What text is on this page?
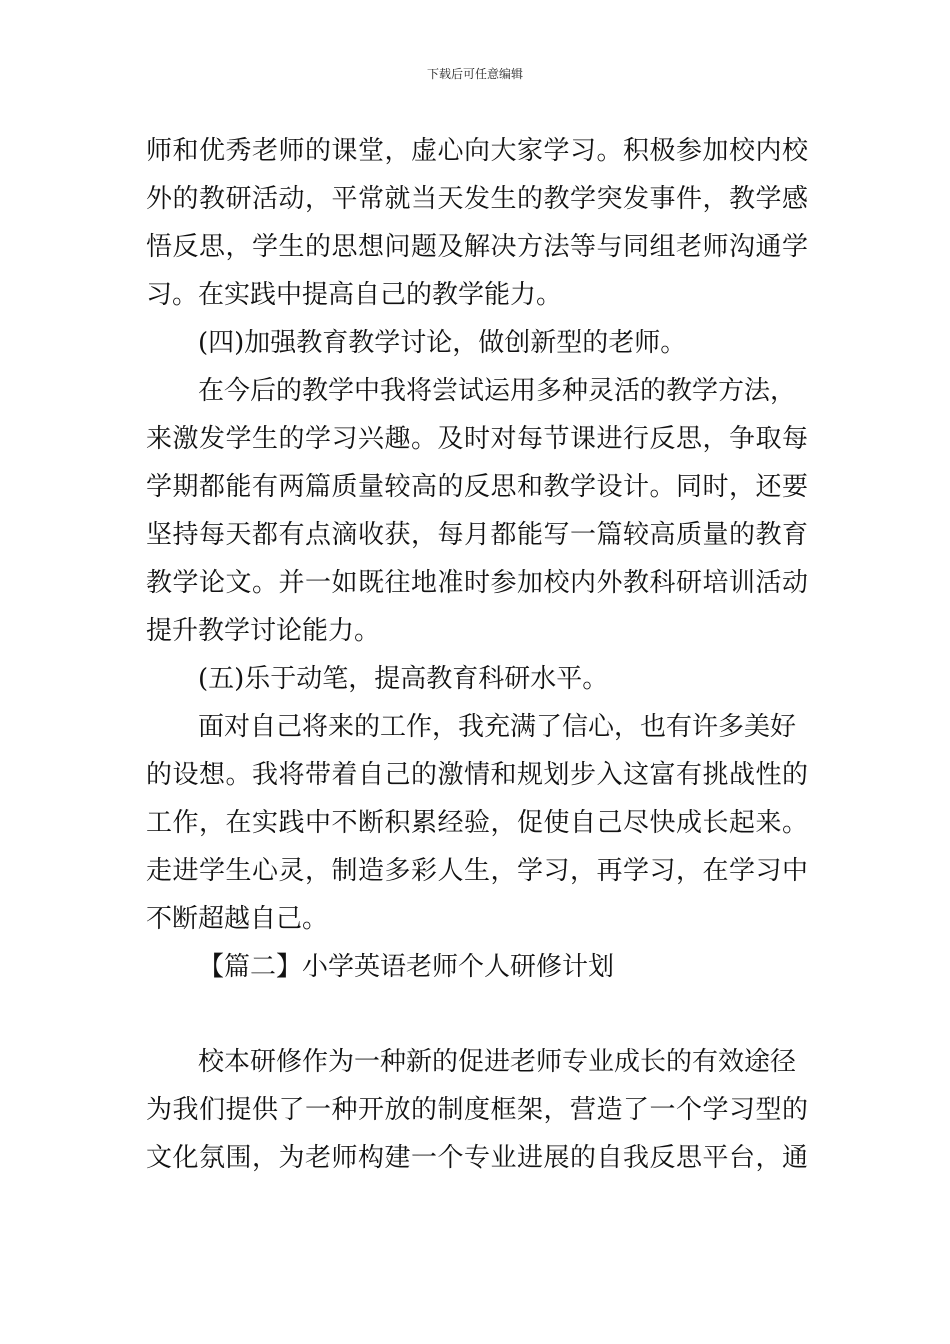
下载后可任意编辑
师和优秀老师的课堂，虚心向大家学习。积极参加校内校
外的教研活动，平常就当天发生的教学突发事件，教学感
悟反思，学生的思想问题及解决方法等与同组老师沟通学
习。在实践中提高自己的教学能力。
(四)加强教育教学讨论，做创新型的老师。
在今后的教学中我将尝试运用多种灵活的教学方法，
来激发学生的学习兴趣。及时对每节课进行反思，争取每
学期都能有两篇质量较高的反思和教学设计。同时，还要
坚持每天都有点滴收获，每月都能写一篇较高质量的教育
教学论文。并一如既往地准时参加校内外教科研培训活动
提升教学讨论能力。
(五)乐于动笔，提高教育科研水平。
面对自己将来的工作，我充满了信心，也有许多美好
的设想。我将带着自己的激情和规划步入这富有挑战性的
工作，在实践中不断积累经验，促使自己尽快成长起来。
走进学生心灵，制造多彩人生，学习，再学习，在学习中
不断超越自己。
【篇二】小学英语老师个人研修计划
校本研修作为一种新的促进老师专业成长的有效途径
为我们提供了一种开放的制度框架，营造了一个学习型的
文化氛围，为老师构建一个专业进展的自我反思平台，通
